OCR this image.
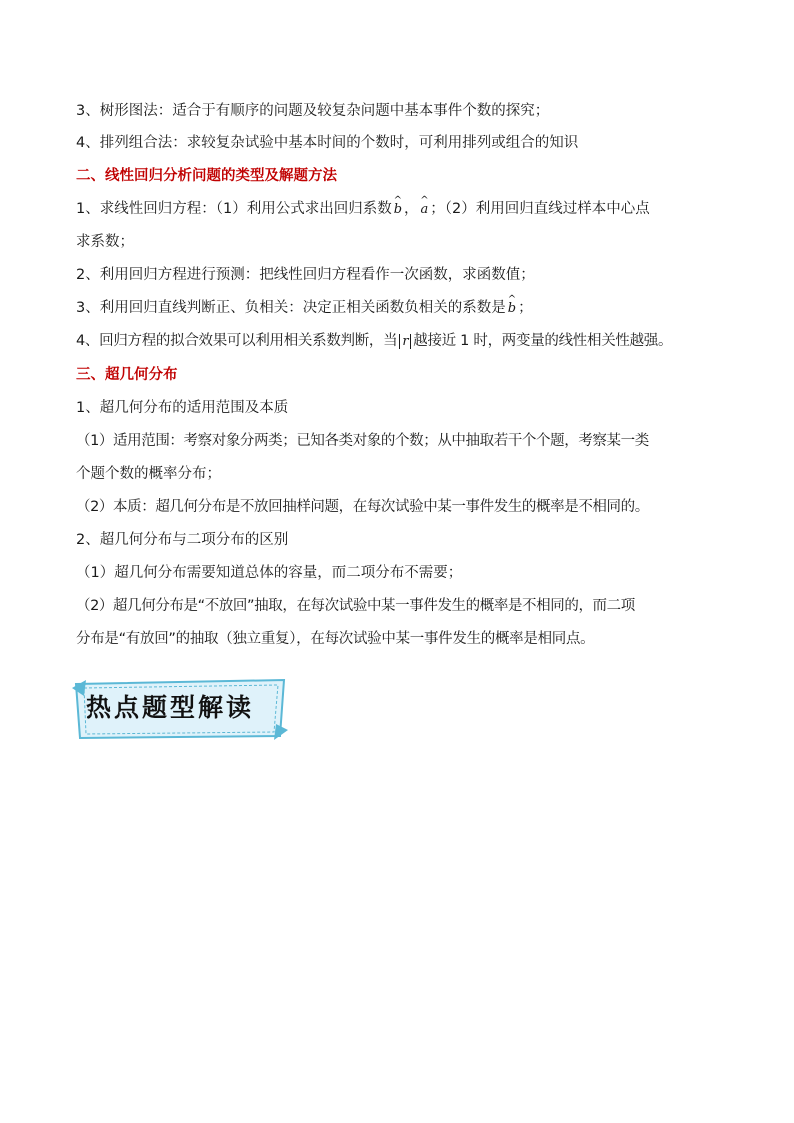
3、树形图法：适合于有顺序的问题及较复杂问题中基本事件个数的探究；
4、排列组合法：求较复杂试验中基本时间的个数时，可利用排列或组合的知识
二、线性回归分析问题的类型及解题方法
1、求线性回归方程：（1）利用公式求出回归系数 ^ b ， ^ a ；（2）利用回归直线过样本中心点
求系数；
2、利用回归方程进行预测：把线性回归方程看作一次函数，求函数值；
3、利用回归直线判断正、负相关：决定正相关函数负相关的系数是 ^ b ；
4、回归方程的拟合效果可以利用相关系数判断，当 r 越接近 1 时，两变量的线性相关性越强。
三、超几何分布
1、超几何分布的适用范围及本质
（1）适用范围：考察对象分两类；已知各类对象的个数；从中抽取若干个个题，考察某一类
个题个数的概率分布；
（2）本质：超几何分布是不放回抽样问题，在每次试验中某一事件发生的概率是不相同的。
2、超几何分布与二项分布的区别
（1）超几何分布需要知道总体的容量，而二项分布不需要；
（2）超几何分布是“不放回”抽取，在每次试验中某一事件发生的概率是不相同的，而二项
分布是“有放回”的抽取（独立重复），在每次试验中某一事件发生的概率是相同点。
热点题型解读
